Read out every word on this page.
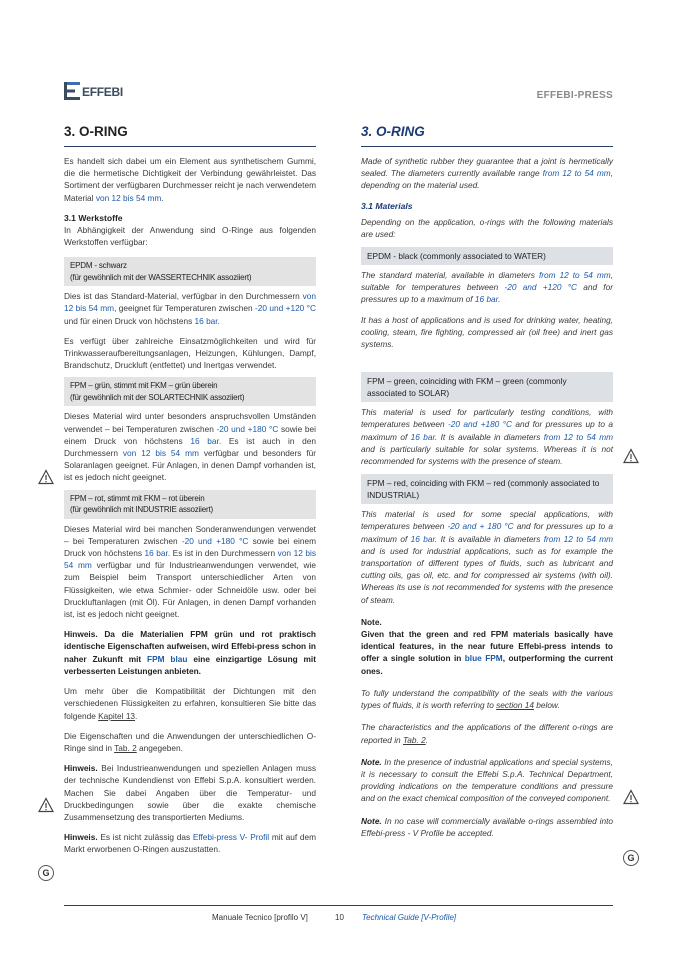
EFFEBI	EFFEBI-PRESS
3. O-RING

Es handelt sich dabei um ein Element aus synthetischem Gummi, die die hermetische Dichtigkeit der Verbindung gewährleistet. Das Sortiment der verfügbaren Durchmesser reicht je nach verwendetem Material von 12 bis 54 mm.

3.1 Werkstoffe

In Abhängigkeit der Anwendung sind O-Ringe aus folgenden Werkstoffen verfügbar:

EPDM - schwarz
(für gewöhnlich mit der WASSERTECHNIK assoziiert)

Dies ist das Standard-Material, verfügbar in den Durchmessern von 12 bis 54 mm, geeignet für Temperaturen zwischen -20 und +120 °C und für einen Druck von höchstens 16 bar.

Es verfügt über zahlreiche Einsatzmöglichkeiten und wird für Trinkwasseraufbereitungsanlagen, Heizungen, Kühlungen, Dampf, Brandschutz, Druckluft (entfettet) und Inertgas verwendet.

FPM – grün, stimmt mit FKM – grün überein
(für gewöhnlich mit der SOLARTECHNIK assoziiert)

Dieses Material wird unter besonders anspruchsvollen Umständen verwendet – bei Temperaturen zwischen -20 und +180 °C sowie bei einem Druck von höchstens 16 bar. Es ist auch in den Durchmessern von 12 bis 54 mm verfügbar und besonders für Solaranlagen geeignet. Für Anlagen, in denen Dampf vorhanden ist, ist es jedoch nicht geeignet.

FPM – rot, stimmt mit FKM – rot überein
(für gewöhnlich mit INDUSTRIE assoziiert)

Dieses Material wird bei manchen Sonderanwendungen verwendet – bei Temperaturen zwischen -20 und +180 °C sowie bei einem Druck von höchstens 16 bar. Es ist in den Durchmessern von 12 bis 54 mm verfügbar und für Industrieanwendungen verwendet, wie zum Beispiel beim Transport unterschiedlicher Arten von Flüssigkeiten, wie etwa Schmier- oder Schneidöle usw. oder bei Druckluftanlagen (mit Öl). Für Anlagen, in denen Dampf vorhanden ist, ist es jedoch nicht geeignet.

Hinweis. Da die Materialien FPM grün und rot praktisch identische Eigenschaften aufweisen, wird Effebi-press schon in naher Zukunft mit FPM blau eine einzigartige Lösung mit verbesserten Leistungen anbieten.

Um mehr über die Kompatibilität der Dichtungen mit den verschiedenen Flüssigkeiten zu erfahren, konsultieren Sie bitte das folgende Kapitel 13.

Die Eigenschaften und die Anwendungen der unterschiedlichen O-Ringe sind in Tab. 2 angegeben.

Hinweis. Bei Industrieanwendungen und speziellen Anlagen muss der technische Kundendienst von Effebi S.p.A. konsultiert werden. Machen Sie dabei Angaben über die Temperatur- und Druckbedingungen sowie über die exakte chemische Zusammensetzung des transportierten Mediums.

Hinweis. Es ist nicht zulässig das Effebi-press V- Profil mit auf dem Markt erworbenen O-Ringen auszustatten.

3. O-RING

Made of synthetic rubber they guarantee that a joint is hermetically sealed. The diameters currently available range from 12 to 54 mm, depending on the material used.

3.1 Materials

Depending on the application, o-rings with the following materials are used:

EPDM - black (commonly associated to WATER)

The standard material, available in diameters from 12 to 54 mm, suitable for temperatures between -20 and +120 °C and for pressures up to a maximum of 16 bar.

It has a host of applications and is used for drinking water, heating, cooling, steam, fire fighting, compressed air (oil free) and inert gas systems.

FPM – green, coinciding with FKM – green (commonly associated to SOLAR)

This material is used for particularly testing conditions, with temperatures between -20 and +180 °C and for pressures up to a maximum of 16 bar. It is available in diameters from 12 to 54 mm and is particularly suitable for solar systems. Whereas it is not recommended for systems with the presence of steam.

FPM – red, coinciding with FKM – red (commonly associated to INDUSTRIAL)

This material is used for some special applications, with temperatures between -20 and + 180 °C and for pressures up to a maximum of 16 bar. It is available in diameters from 12 to 54 mm and is used for industrial applications, such as for example the transportation of different types of fluids, such as lubricant and cutting oils, gas oil, etc. and for compressed air systems (with oil). Whereas its use is not recommended for systems with the presence of steam.

Note.

Given that the green and red FPM materials basically have identical features, in the near future Effebi-press intends to offer a single solution in blue FPM, outperforming the current ones.

To fully understand the compatibility of the seals with the various types of fluids, it is worth referring to section 14 below.

The characteristics and the applications of the different o-rings are reported in Tab. 2.

Note. In the presence of industrial applications and special systems, it is necessary to consult the Effebi S.p.A. Technical Department, providing indications on the temperature conditions and pressure and on the exact chemical composition of the conveyed component.

Note. In no case will commercially available o-rings assembled into Effebi-press - V Profile be accepted.

G
G
Manuale Tecnico [profilo V]	10 Technical Guide [V-Profile]
